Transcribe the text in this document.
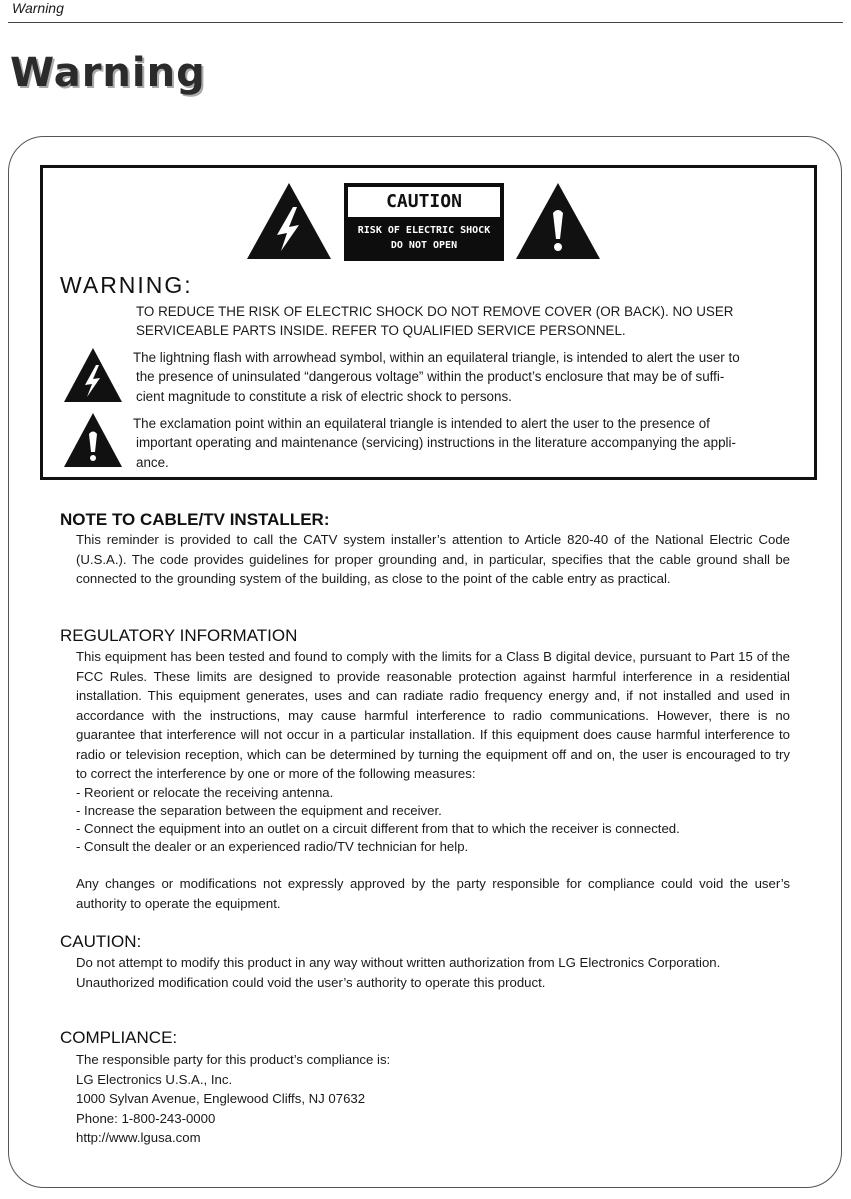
Warning
Warning
CAUTION
RISK OF ELECTRIC SHOCK
DO NOT OPEN
WARNING:
TO REDUCE THE RISK OF ELECTRIC SHOCK DO NOT REMOVE COVER (OR BACK). NO USER
SERVICEABLE PARTS INSIDE. REFER TO QUALIFIED SERVICE PERSONNEL.
The lightning flash with arrowhead symbol, within an equilateral triangle, is intended to alert the user to
the presence of uninsulated “dangerous voltage” within the product’s enclosure that may be of suffi-
cient magnitude to constitute a risk of electric shock to persons.
The exclamation point within an equilateral triangle is intended to alert the user to the presence of
important operating and maintenance (servicing) instructions in the literature accompanying the appli-
ance.
NOTE TO CABLE/TV INSTALLER:
This reminder is provided to call the CATV system installer’s attention to Article 820-40 of the National Electric Code (U.S.A.). The code provides guidelines for proper grounding and, in particular, specifies that the cable ground shall be connected to the grounding system of the building, as close to the point of the cable entry as practical.
REGULATORY INFORMATION
This equipment has been tested and found to comply with the limits for a Class B digital device, pursuant to Part 15 of the FCC Rules. These limits are designed to provide reasonable protection against harmful interference in a residential installation. This equipment generates, uses and can radiate radio frequency energy and, if not installed and used in accordance with the instructions, may cause harmful interference to radio communications. However, there is no guarantee that interference will not occur in a particular installation. If this equipment does cause harmful interference to radio or television reception, which can be determined by turning the equipment off and on, the user is encouraged to try to correct the interference by one or more of the following measures:
- Reorient or relocate the receiving antenna.
- Increase the separation between the equipment and receiver.
- Connect the equipment into an outlet on a circuit different from that to which the receiver is connected.
- Consult the dealer or an experienced radio/TV technician for help.
Any changes or modifications not expressly approved by the party responsible for compliance could void the user’s authority to operate the equipment.
CAUTION:
Do not attempt to modify this product in any way without written authorization from LG Electronics Corporation.
Unauthorized modification could void the user’s authority to operate this product.
COMPLIANCE:
The responsible party for this product’s compliance is:
LG Electronics U.S.A., Inc.
1000 Sylvan Avenue, Englewood Cliffs, NJ 07632
Phone: 1-800-243-0000
http://www.lgusa.com
